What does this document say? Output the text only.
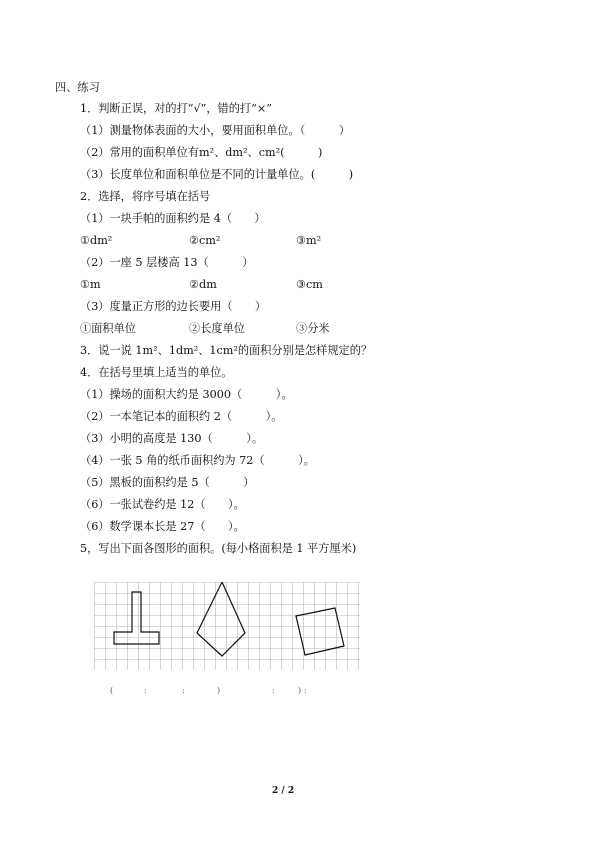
四、练习
1．判断正误，对的打“√”，错的打“×”
（1）测量物体表面的大小，要用面积单位。（　　　）
（2）常用的面积单位有m²、dm²、cm²(　　　)
（3）长度单位和面积单位是不同的计量单位。(　　　)
2．选择，将序号填在括号
（1）一块手帕的面积约是 4（　　）
①dm²	②cm²	③m²
（2）一座 5 层楼高 13（　　　）
①m	②dm	③cm
（3）度量正方形的边长要用（　　）
①面积单位	②长度单位	③分米
3．说一说 1m²、1dm²、1cm²的面积分别是怎样规定的？
4．在括号里填上适当的单位。
（1）操场的面积大约是 3000（　　　）。
（2）一本笔记本的面积约 2（　　　）。
（3）小明的高度是 130（　　　）。
（4）一张 5 角的纸币面积约为 72（　　　）。
（5）黑板的面积约是 5（　　　）
（6）一张试卷约是 12（　　）。
（6）数学课本长是 27（　　）。
5，写出下面各图形的面积。(每小格面积是 1 平方厘米)
(	:	:	)	:	) :
2 / 2
